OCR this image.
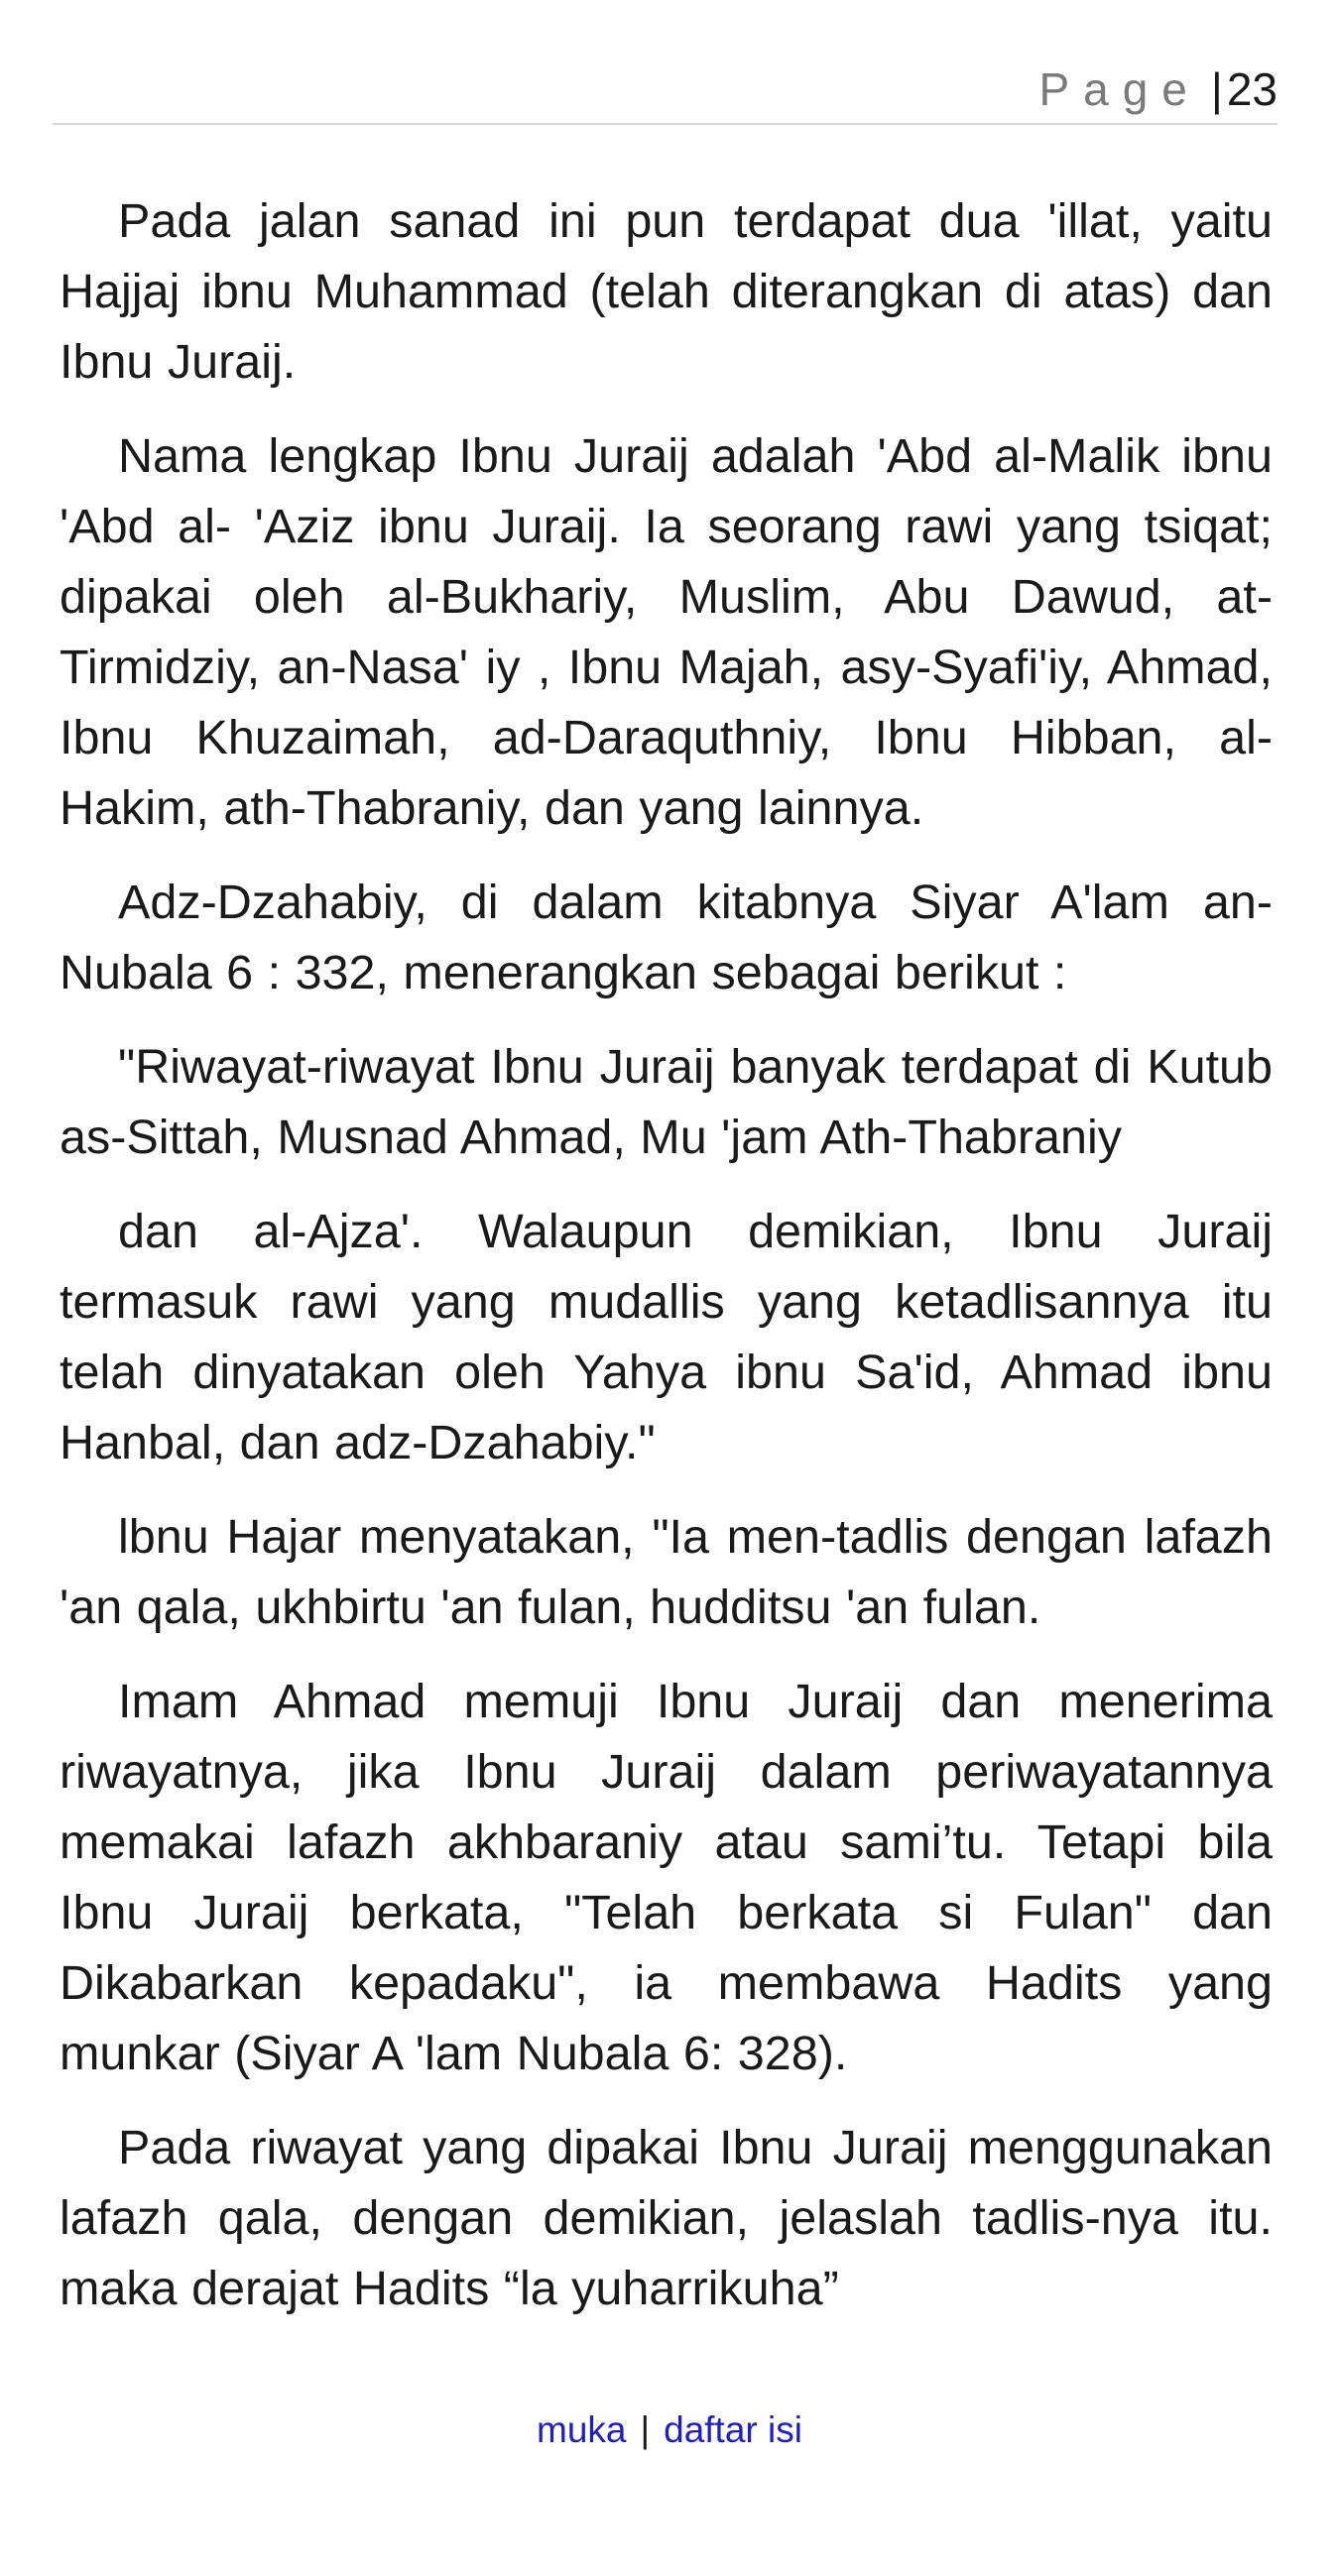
Page |23

Pada jalan sanad ini pun terdapat dua 'illat, yaitu Hajjaj ibnu Muhammad (telah diterangkan di atas) dan Ibnu Juraij.

Nama lengkap Ibnu Juraij adalah 'Abd al-Malik ibnu 'Abd al- 'Aziz ibnu Juraij. Ia seorang rawi yang tsiqat; dipakai oleh al-Bukhariy, Muslim, Abu Dawud, at- Tirmidziy, an-Nasa' iy , Ibnu Majah, asy-Syafi'iy, Ahmad, Ibnu Khuzaimah, ad-Daraquthniy, Ibnu Hibban, al-Hakim, ath-Thabraniy, dan yang lainnya.

Adz-Dzahabiy, di dalam kitabnya Siyar A'lam an-Nubala 6 : 332, menerangkan sebagai berikut :

"Riwayat-riwayat Ibnu Juraij banyak terdapat di Kutub as-Sittah, Musnad Ahmad, Mu 'jam Ath-Thabraniy

dan al-Ajza'. Walaupun demikian, Ibnu Juraij termasuk rawi yang mudallis yang ketadlisannya itu telah dinyatakan oleh Yahya ibnu Sa'id, Ahmad ibnu Hanbal, dan adz-Dzahabiy."

lbnu Hajar menyatakan, "Ia men-tadlis dengan lafazh 'an qala, ukhbirtu 'an fulan, hudditsu 'an fulan.

Imam Ahmad memuji Ibnu Juraij dan menerima riwayatnya, jika Ibnu Juraij dalam periwayatannya memakai lafazh akhbaraniy atau sami’tu. Tetapi bila Ibnu Juraij berkata, "Telah berkata si Fulan" dan Dikabarkan kepadaku", ia membawa Hadits yang munkar (Siyar A 'lam Nubala 6: 328).

Pada riwayat yang dipakai Ibnu Juraij menggunakan lafazh qala, dengan demikian, jelaslah tadlis-nya itu. maka derajat Hadits “la yuharrikuha”

muka | daftar isi
